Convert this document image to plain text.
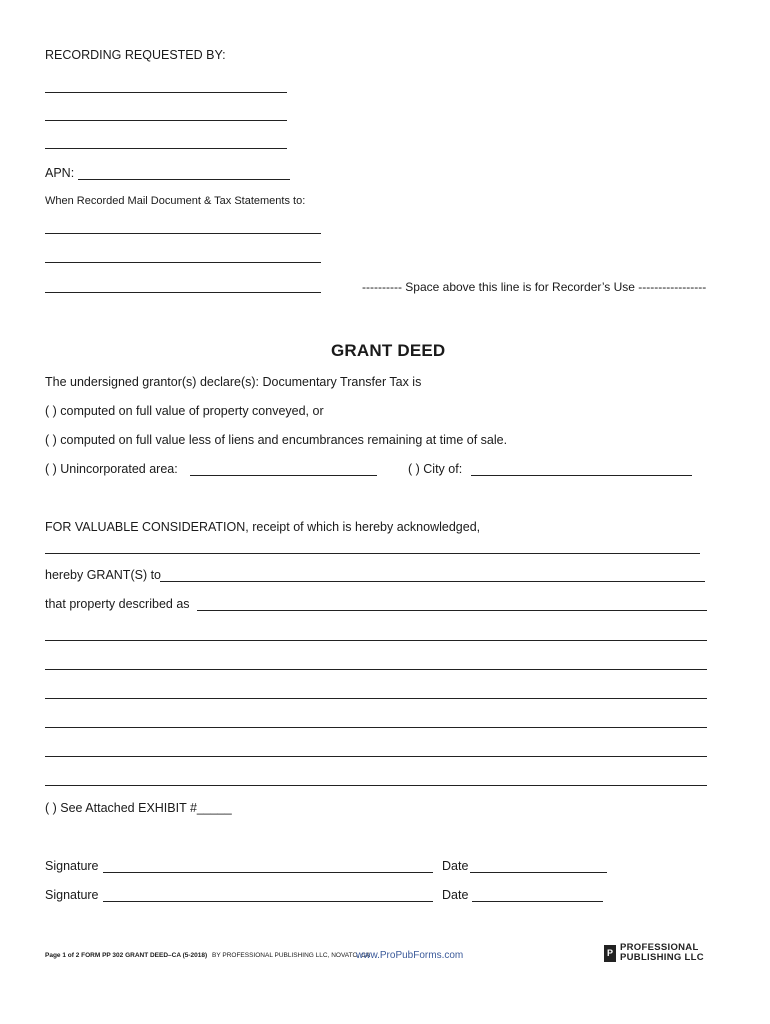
RECORDING REQUESTED BY:
APN:
When Recorded Mail Document & Tax Statements to:
---------- Space above this line is for Recorder’s Use -----------------
GRANT DEED
The undersigned grantor(s) declare(s): Documentary Transfer Tax is
( ) computed on full value of property conveyed, or
( ) computed on full value less of liens and encumbrances remaining at time of sale.
( ) Unincorporated area:	( ) City of:
FOR VALUABLE CONSIDERATION, receipt of which is hereby acknowledged,
hereby GRANT(S) to
that property described as
( ) See Attached EXHIBIT #_____
Signature	Date
Signature	Date
Page 1 of 2 FORM PP 302 GRANT DEED–CA (5-2018) BY PROFESSIONAL PUBLISHING LLC, NOVATO, CA
www.ProPubForms.com	P PROFESSIONAL
PUBLISHING LLC
